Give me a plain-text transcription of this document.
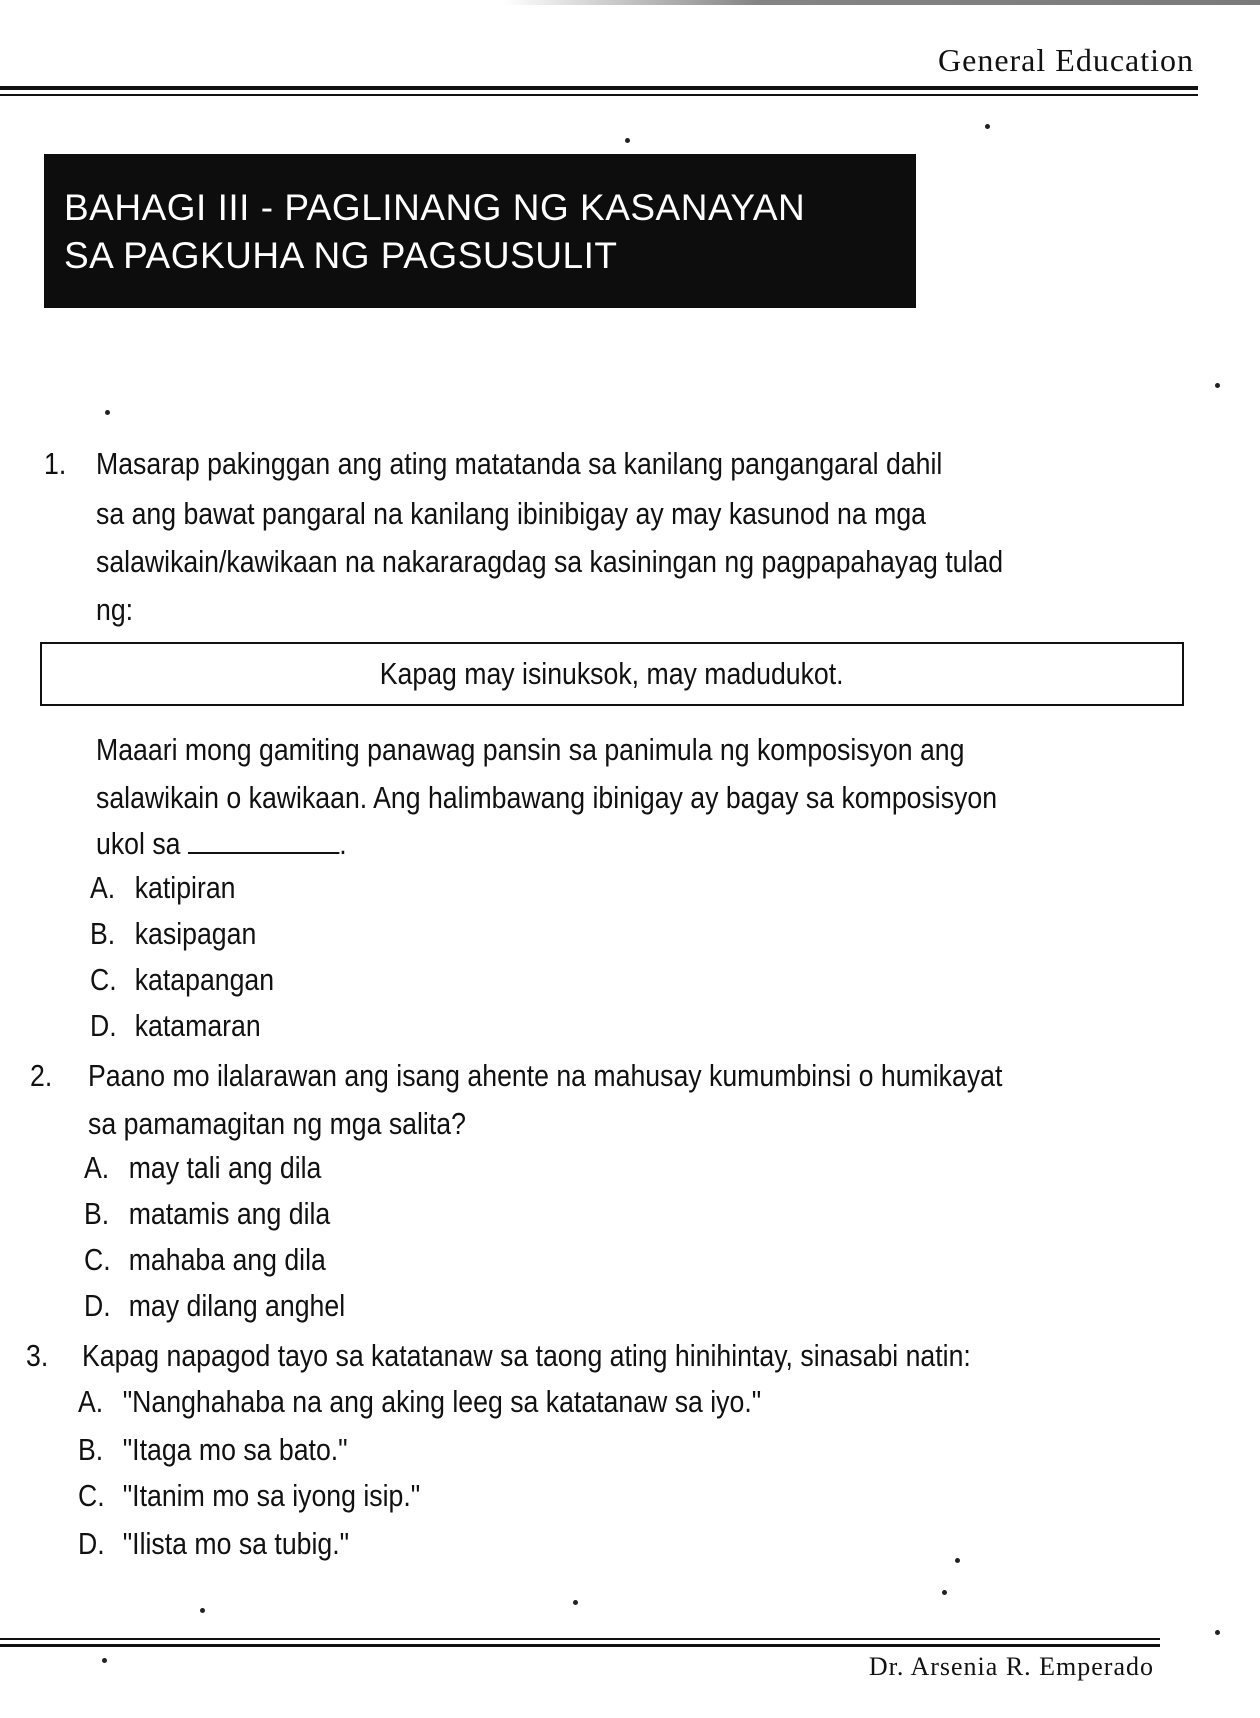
General Education
BAHAGI III - PAGLINANG NG KASANAYAN
SA PAGKUHA NG PAGSUSULIT
1. Masarap pakinggan ang ating matatanda sa kanilang pangangaral dahil
sa ang bawat pangaral na kanilang ibinibigay ay may kasunod na mga
salawikain/kawikaan na nakararagdag sa kasiningan ng pagpapahayag tulad
ng:
Kapag may isinuksok, may madudukot.
Maaari mong gamiting panawag pansin sa panimula ng komposisyon ang
salawikain o kawikaan. Ang halimbawang ibinigay ay bagay sa komposisyon
ukol sa	.
A. katipiran
B. kasipagan
C. katapangan
D. katamaran
2. Paano mo ilalarawan ang isang ahente na mahusay kumumbinsi o humikayat
sa pamamagitan ng mga salita?
A. may tali ang dila
B. matamis ang dila
C. mahaba ang dila
D. may dilang anghel
3. Kapag napagod tayo sa katatanaw sa taong ating hinihintay, sinasabi natin:
A. "Nanghahaba na ang aking leeg sa katatanaw sa iyo."
B. "Itaga mo sa bato."
C. "Itanim mo sa iyong isip."
D. "Ilista mo sa tubig."
Dr. Arsenia R. Emperado
